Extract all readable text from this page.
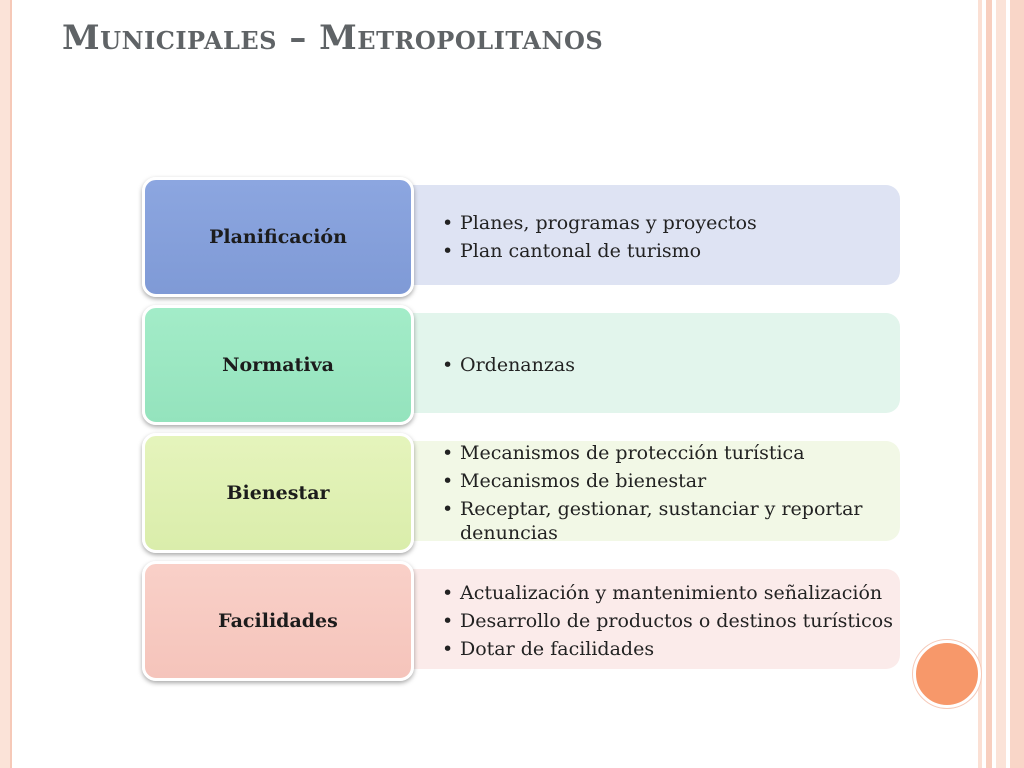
Municipales – Metropolitanos
• Planes, programas y proyectos
• Plan cantonal de turismo
Planificación
• Ordenanzas
Normativa
• Mecanismos de protección turística
• Mecanismos de bienestar
• Receptar, gestionar, sustanciar y reportar denuncias
Bienestar
• Actualización y mantenimiento señalización
• Desarrollo de productos o destinos turísticos
• Dotar de facilidades
Facilidades
